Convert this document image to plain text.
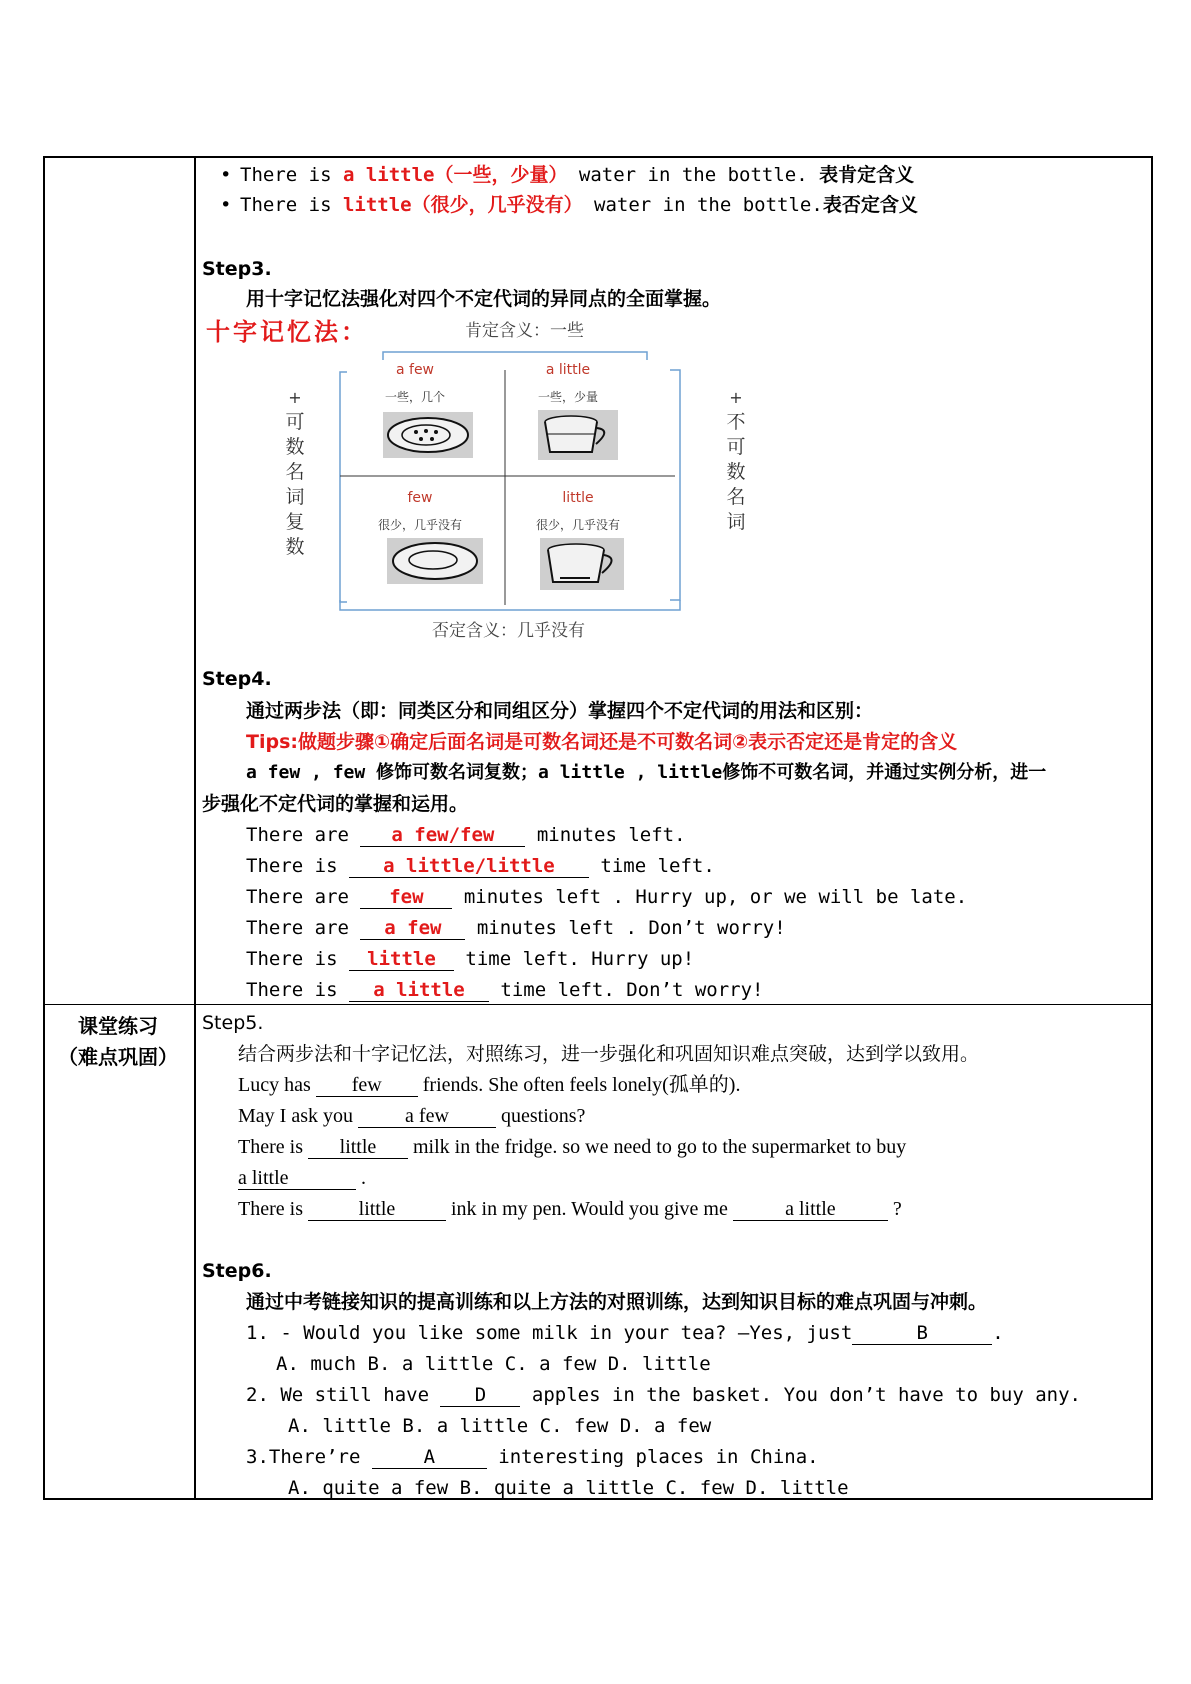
• There is a little（一些，少量） water in the bottle. 表肯定含义
• There is little（很少，几乎没有） water in the bottle.表否定含义
Step3.
用十字记忆法强化对四个不定代词的异同点的全面掌握。
十字记忆法：	肯定含义：一些
+
可
数
名
词
复
数
+
不
可
数
名
词
a few
一些，几个
a little
一些，少量
few
很少，几乎没有
little
很少，几乎没有
否定含义：几乎没有
Step4.
通过两步法（即：同类区分和同组区分）掌握四个不定代词的用法和区别：
Tips:做题步骤①确定后面名词是可数名词还是不可数名词②表示否定还是肯定的含义
a few , few 修饰可数名词复数；a little , little修饰不可数名词，并通过实例分析，进一
步强化不定代词的掌握和运用。
There are a few/few minutes left.
There is a little/little time left.
There are few minutes left . Hurry up, or we will be late.
There are a few minutes left . Don’t worry!
There is little time left. Hurry up!
There is a little time left. Don’t worry!
课堂练习
（难点巩固）
Step5.
结合两步法和十字记忆法，对照练习，进一步强化和巩固知识难点突破，达到学以致用。
Lucy has few friends. She often feels lonely(孤单的).
May I ask you a few questions?
There is little milk in the fridge. so we need to go to the supermarket to buy
a little	.
There is	little	ink in my pen. Would you give me	a little	?
Step6.
通过中考链接知识的提高训练和以上方法的对照训练，达到知识目标的难点巩固与冲刺。
1. - Would you like some milk in your tea? —Yes, just	B	.
A. much B. a little C. a few D. little
2. We still have D apples in the basket. You don’t have to buy any.
A. little B. a little C. few D. a few
3.There’re	A	interesting places in China.
A. quite a few B. quite a little C. few D. little
